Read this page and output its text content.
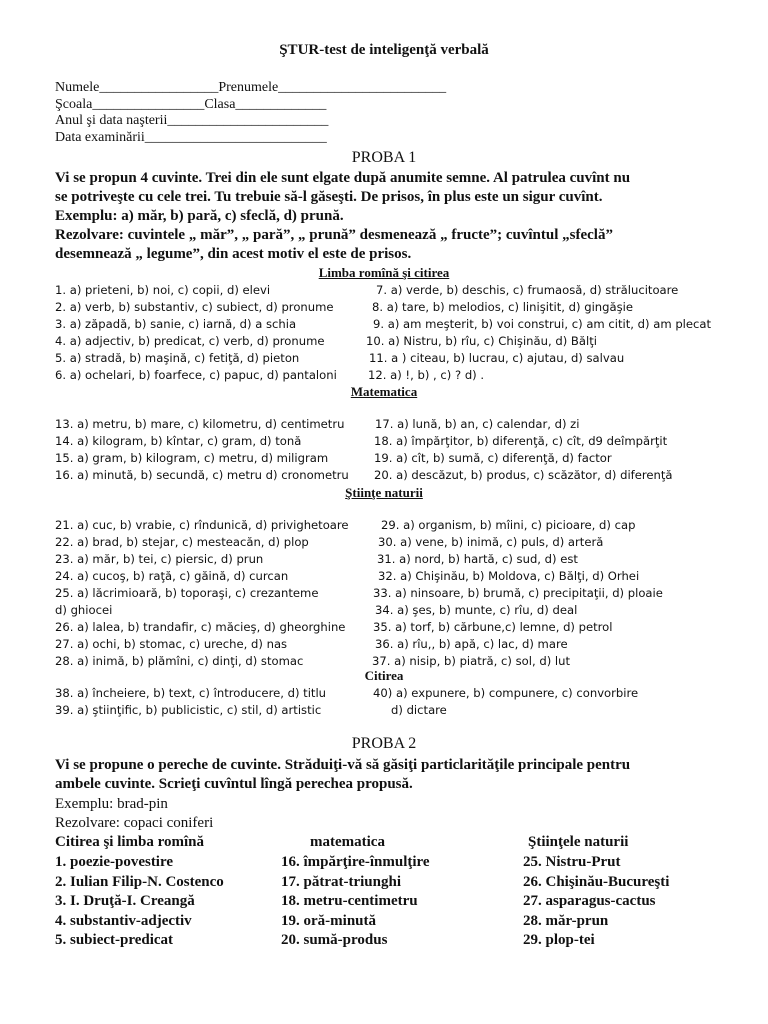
ŞTUR-test de inteligenţă verbală
Numele_________________Prenumele________________________
Şcoala________________Clasa_____________
Anul şi data naşterii_______________________
Data examinării__________________________
PROBA 1
Vi se propun 4 cuvinte. Trei din ele sunt elgate după anumite semne. Al patrulea cuvînt nu
se potriveşte cu cele trei. Tu trebuie să-l găseşti. De prisos, în plus este un sigur cuvînt.
Exemplu: a) măr, b) pară, c) sfeclă, d) prună.
Rezolvare: cuvintele „ măr”, „ pară”, „ prună” desmenează „ fructe”; cuvîntul „sfeclă”
desemnează „ legume”, din acest motiv el este de prisos.
Limba romînă şi citirea
1. a) prieteni, b) noi, c) copii, d) elevi
2. a) verb, b) substantiv, c) subiect, d) pronume
3. a) zăpadă, b) sanie, c) iarnă, d) a schia
4. a) adjectiv, b) predicat, c) verb, d) pronume
5. a) stradă, b) maşină, c) fetiţă, d) pieton
6. a) ochelari, b) foarfece, c) papuc, d) pantaloni
7. a) verde, b) deschis, c) frumaosă, d) strălucitoare
8. a) tare, b) melodios, c) linişitit, d) gingăşie
9. a) am meşterit, b) voi construi, c) am citit, d) am plecat
10. a) Nistru, b) rîu, c) Chişinău, d) Bălţi
11. a ) citeau, b) lucrau, c) ajutau, d) salvau
12. a) !, b) , c) ? d) .
Matematica
13. a) metru, b) mare, c) kilometru, d) centimetru
14. a) kilogram, b) kîntar, c) gram, d) tonă
15. a) gram, b) kilogram, c) metru, d) miligram
16. a) minută, b) secundă, c) metru d) cronometru
17. a) lună, b) an, c) calendar, d) zi
18. a) împărţitor, b) diferenţă, c) cît, d9 deîmpărţit
19. a) cît, b) sumă, c) diferenţă, d) factor
20. a) descăzut, b) produs, c) scăzător, d) diferenţă
Ştiinţe naturii
21. a) cuc, b) vrabie, c) rîndunică, d) privighetoare
22. a) brad, b) stejar, c) mesteacăn, d) plop
23. a) măr, b) tei, c) piersic, d) prun
24. a) cucoş, b) raţă, c) găină, d) curcan
25. a) lăcrimioară, b) toporaşi, c) crezanteme
d) ghiocei
26. a) lalea, b) trandafir, c) măcieş, d) gheorghine
27. a) ochi, b) stomac, c) ureche, d) nas
28. a) inimă, b) plămîni, c) dinţi, d) stomac
29. a) organism, b) mîini, c) picioare, d) cap
30. a) vene, b) inimă, c) puls, d) arteră
31. a) nord, b) hartă, c) sud, d) est
32. a) Chişinău, b) Moldova, c) Bălţi, d) Orhei
33. a) ninsoare, b) brumă, c) precipitaţii, d) ploaie
34. a) şes, b) munte, c) rîu, d) deal
35. a) torf, b) cărbune,c) lemne, d) petrol
36. a) rîu,, b) apă, c) lac, d) mare
37. a) nisip, b) piatră, c) sol, d) lut
Citirea
38. a) încheiere, b) text, c) întroducere, d) titlu
39. a) ştiinţific, b) publicistic, c) stil, d) artistic
40) a) expunere, b) compunere, c) convorbire
d) dictare
PROBA 2
Vi se propune o pereche de cuvinte. Străduiţi-vă să găsiţi particlarităţile principale pentru
ambele cuvinte. Scrieţi cuvîntul lîngă perechea propusă.
Exemplu: brad-pin
Rezolvare: copaci coniferi
Citirea şi limba romînă	matematica	Ştiinţele naturii
1. poezie-povestire
2. Iulian Filip-N. Costenco
3. I. Druţă-I. Creangă
4. substantiv-adjectiv
5. subiect-predicat
16. împărţire-înmulţire
17. pătrat-triunghi
18. metru-centimetru
19. oră-minută
20. sumă-produs
25. Nistru-Prut
26. Chişinău-Bucureşti
27. asparagus-cactus
28. măr-prun
29. plop-tei
